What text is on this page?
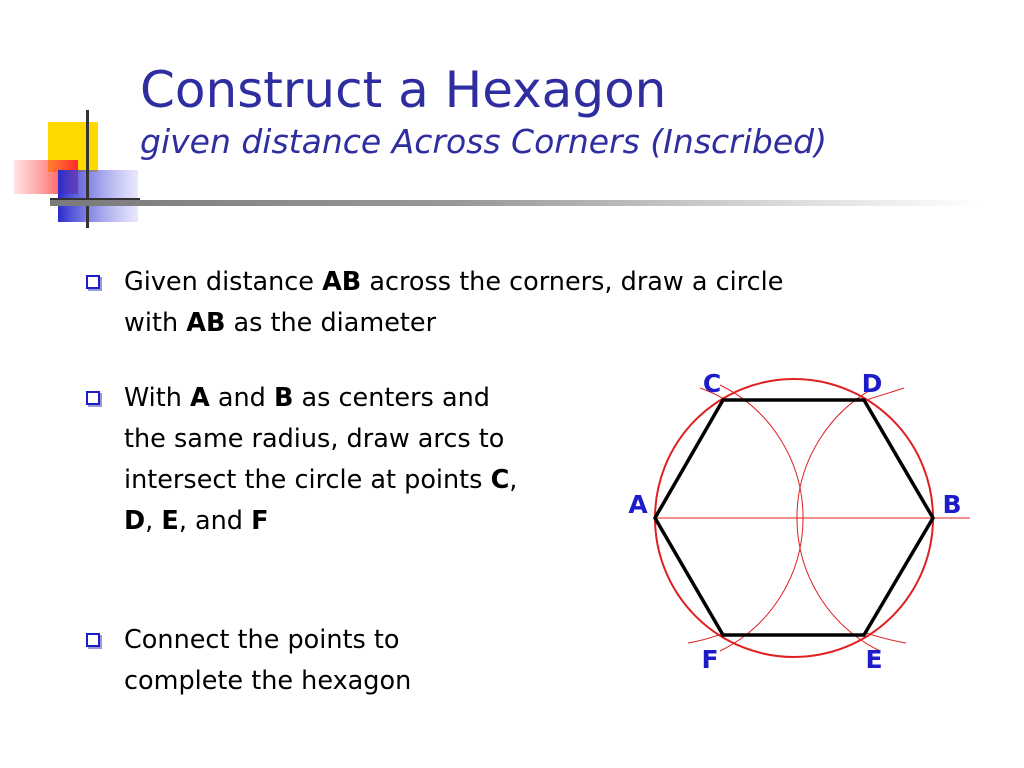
Construct a Hexagon

given distance Across Corners (Inscribed)

Given distance AB across the corners, draw a circle with AB as the diameter
With A and B as centers and the same radius, draw arcs to intersect the circle at points C, D, E, and F
Connect the points to complete the hexagon
C	D
A	B
F	E
